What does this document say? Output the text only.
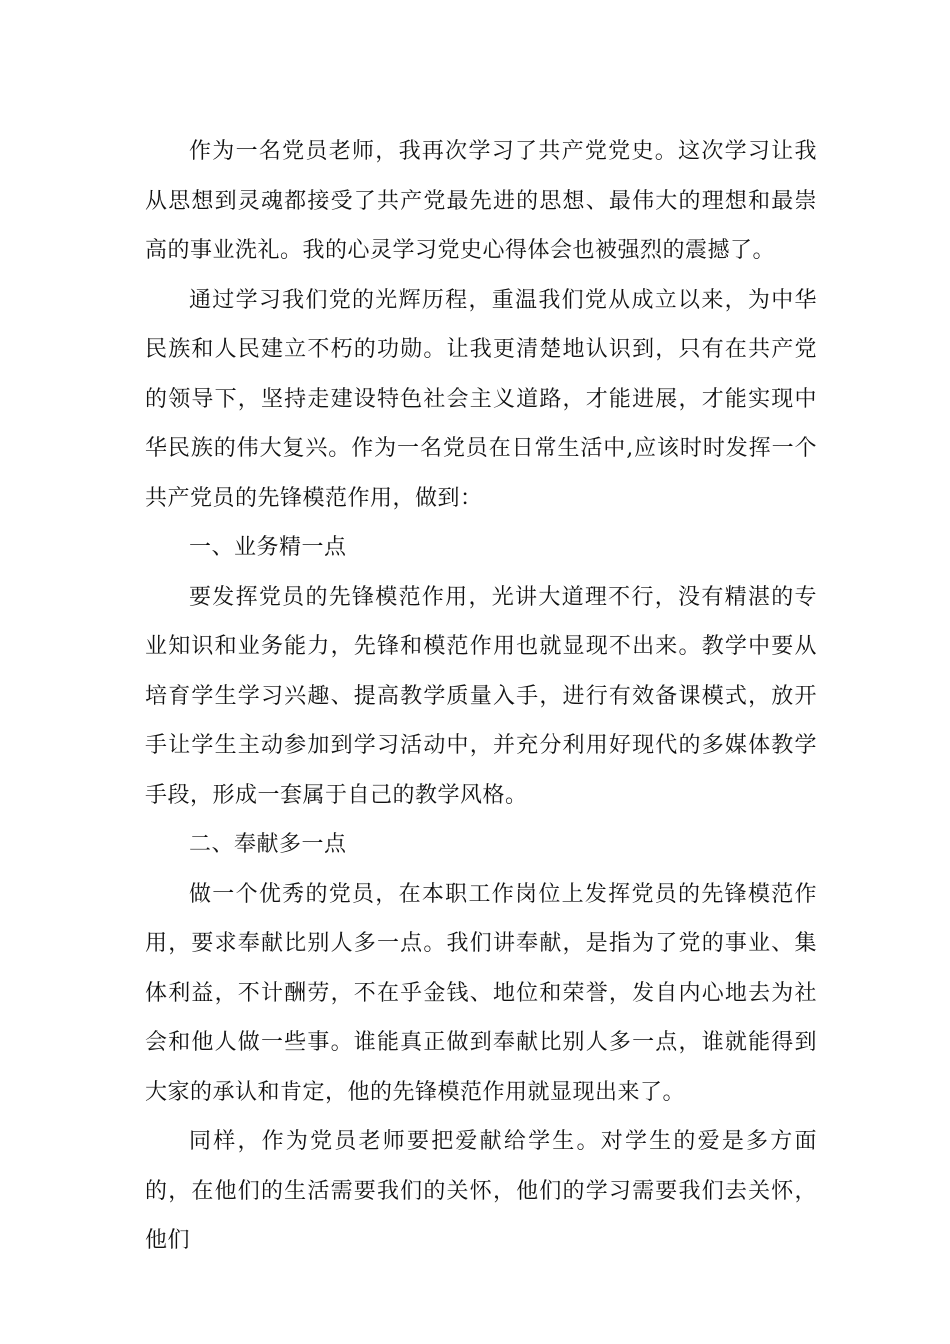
作为一名党员老师，我再次学习了共产党党史。这次学习让我从思想到灵魂都接受了共产党最先进的思想、最伟大的理想和最崇高的事业洗礼。我的心灵学习党史心得体会也被强烈的震撼了。

通过学习我们党的光辉历程，重温我们党从成立以来，为中华民族和人民建立不朽的功勋。让我更清楚地认识到，只有在共产党的领导下，坚持走建设特色社会主义道路，才能进展，才能实现中华民族的伟大复兴。作为一名党员在日常生活中,应该时时发挥一个共产党员的先锋模范作用，做到：

一、业务精一点

要发挥党员的先锋模范作用，光讲大道理不行，没有精湛的专业知识和业务能力，先锋和模范作用也就显现不出来。教学中要从培育学生学习兴趣、提高教学质量入手，进行有效备课模式，放开手让学生主动参加到学习活动中，并充分利用好现代的多媒体教学手段，形成一套属于自己的教学风格。

二、奉献多一点

做一个优秀的党员，在本职工作岗位上发挥党员的先锋模范作用，要求奉献比别人多一点。我们讲奉献，是指为了党的事业、集体利益，不计酬劳，不在乎金钱、地位和荣誉，发自内心地去为社会和他人做一些事。谁能真正做到奉献比别人多一点，谁就能得到大家的承认和肯定，他的先锋模范作用就显现出来了。

同样，作为党员老师要把爱献给学生。对学生的爱是多方面的，在他们的生活需要我们的关怀，他们的学习需要我们去关怀，他们
